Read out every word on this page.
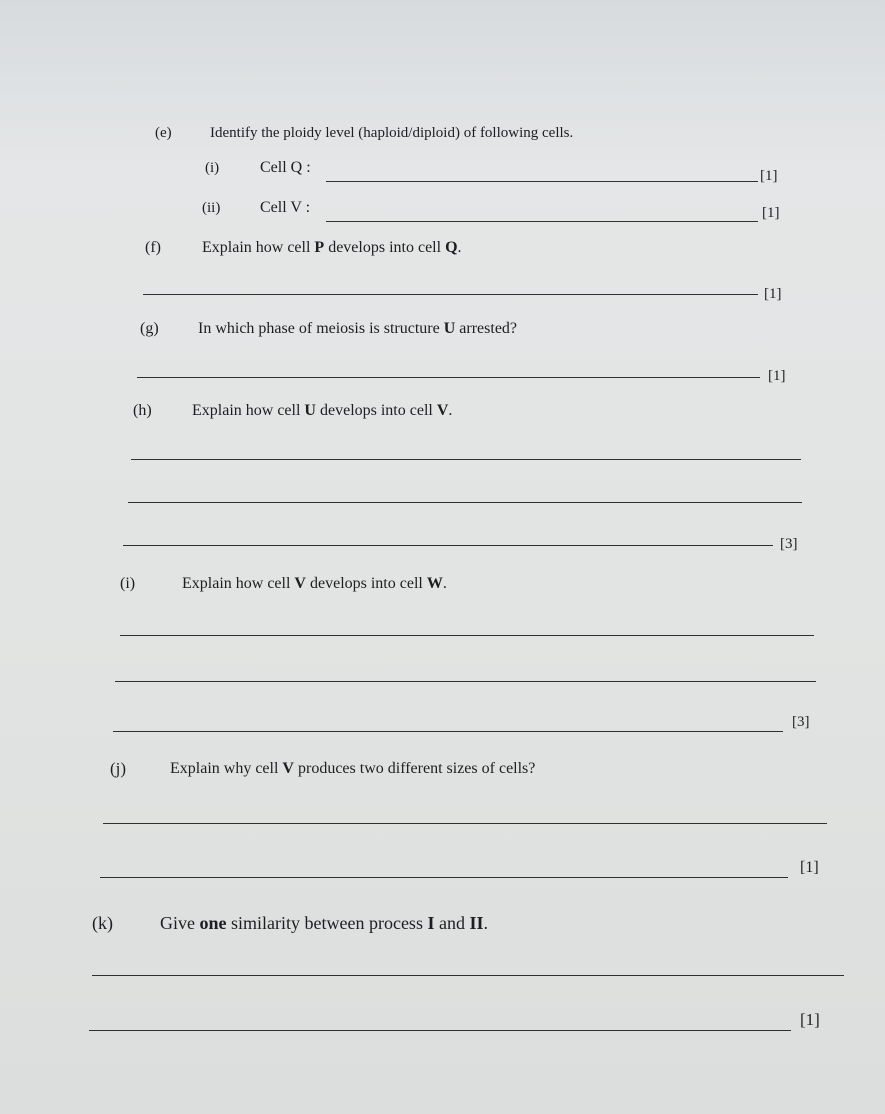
(e)	Identify the ploidy level (haploid/diploid) of following cells.
(i)	Cell Q :	[1]
(ii) Cell V :	[1]
(f)	Explain how cell P develops into cell Q.
[1]
(g) In which phase of meiosis is structure U arrested?
[1]
(h)	Explain how cell U develops into cell V.
[3]
(i)	Explain how cell V develops into cell W.
[3]
(j)	Explain why cell V produces two different sizes of cells?
[1]
(k)	Give one similarity between process I and II.
[1]
